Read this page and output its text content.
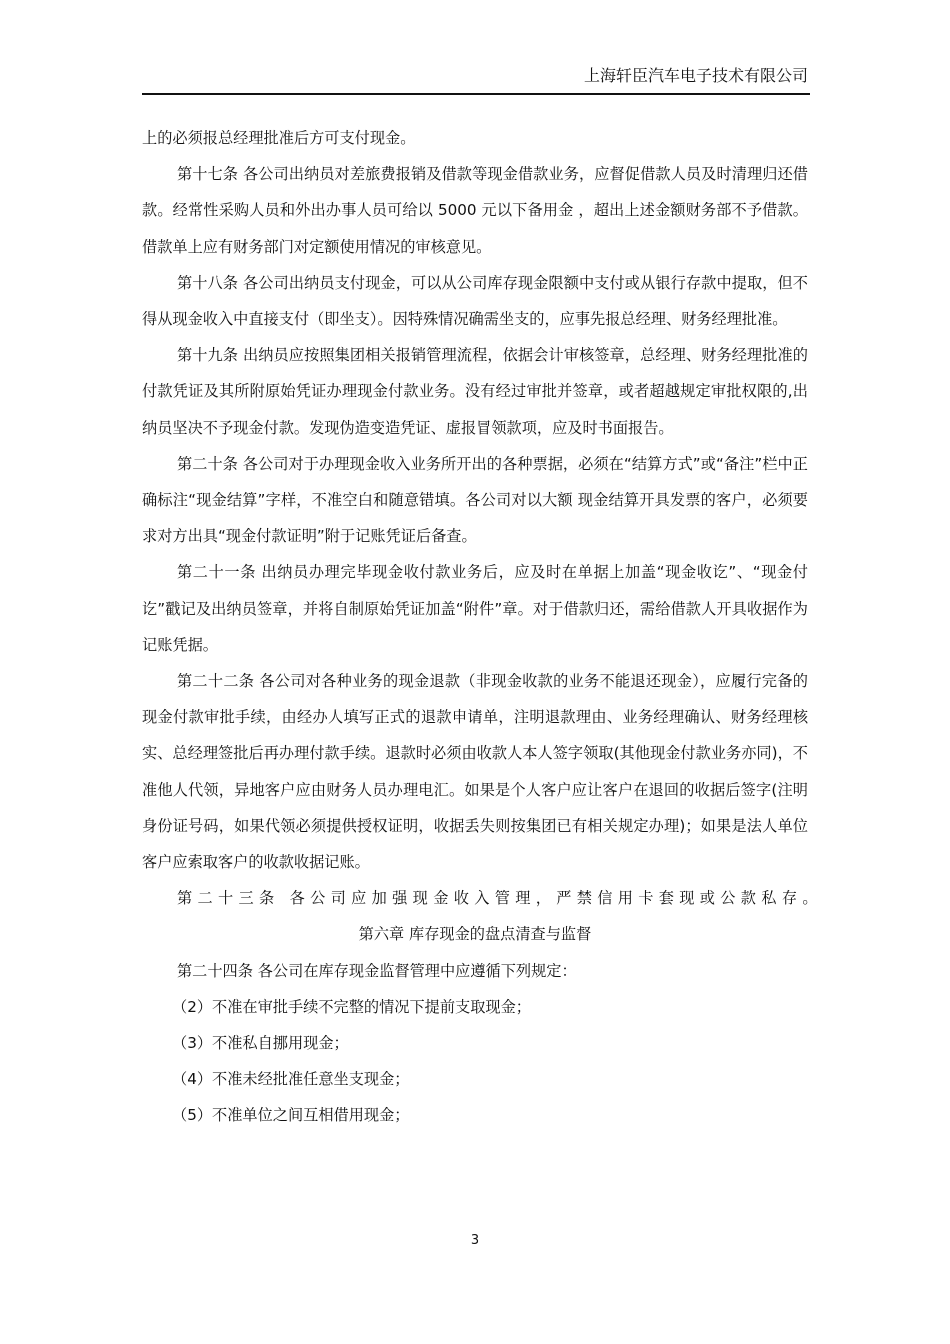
上海轩臣汽车电子技术有限公司

上的必须报总经理批准后方可支付现金。

第十七条 各公司出纳员对差旅费报销及借款等现金借款业务，应督促借款人员及时清理归还借款。经常性采购人员和外出办事人员可给以 5000 元以下备用金 ，超出上述金额财务部不予借款。借款单上应有财务部门对定额使用情况的审核意见。

第十八条 各公司出纳员支付现金，可以从公司库存现金限额中支付或从银行存款中提取，但不得从现金收入中直接支付（即坐支）。因特殊情况确需坐支的，应事先报总经理、财务经理批准。

第十九条 出纳员应按照集团相关报销管理流程，依据会计审核签章，总经理、财务经理批准的付款凭证及其所附原始凭证办理现金付款业务。没有经过审批并签章，或者超越规定审批权限的,出纳员坚决不予现金付款。发现伪造变造凭证、虚报冒领款项，应及时书面报告。

第二十条 各公司对于办理现金收入业务所开出的各种票据，必须在“结算方式”或“备注”栏中正确标注“现金结算”字样，不准空白和随意错填。各公司对以大额 现金结算开具发票的客户，必须要求对方出具“现金付款证明”附于记账凭证后备查。

第二十一条 出纳员办理完毕现金收付款业务后，应及时在单据上加盖“现金收讫”、“现金付讫”戳记及出纳员签章，并将自制原始凭证加盖“附件”章。对于借款归还，需给借款人开具收据作为记账凭据。

第二十二条 各公司对各种业务的现金退款（非现金收款的业务不能退还现金），应履行完备的现金付款审批手续，由经办人填写正式的退款申请单，注明退款理由、业务经理确认、财务经理核实、总经理签批后再办理付款手续。退款时必须由收款人本人签字领取(其他现金付款业务亦同)，不准他人代领，异地客户应由财务人员办理电汇。如果是个人客户应让客户在退回的收据后签字(注明身份证号码，如果代领必须提供授权证明，收据丢失则按集团已有相关规定办理)；如果是法人单位客户应索取客户的收款收据记账。

第二十三条 各公司应加强现金收入管理，严禁信用卡套现或公款私存。

第六章 库存现金的盘点清查与监督

第二十四条 各公司在库存现金监督管理中应遵循下列规定：

（2）不准在审批手续不完整的情况下提前支取现金；

（3）不准私自挪用现金；

（4）不准未经批准任意坐支现金；

（5）不准单位之间互相借用现金；

3
